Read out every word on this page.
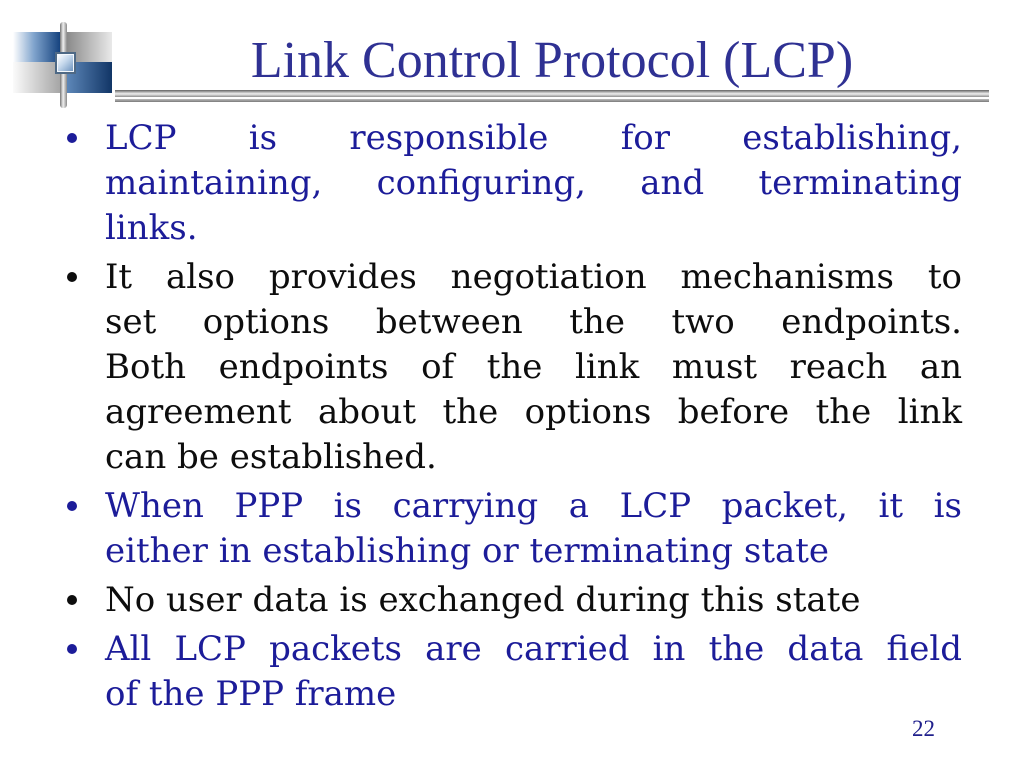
Link Control Protocol (LCP)
LCP is responsible for establishing,
maintaining, configuring, and terminating
links.
It also provides negotiation mechanisms to
set options between the two endpoints.
Both endpoints of the link must reach an
agreement about the options before the link
can be established.
When PPP is carrying a LCP packet, it is
either in establishing or terminating state
No user data is exchanged during this state
All LCP packets are carried in the data field
of the PPP frame
22
